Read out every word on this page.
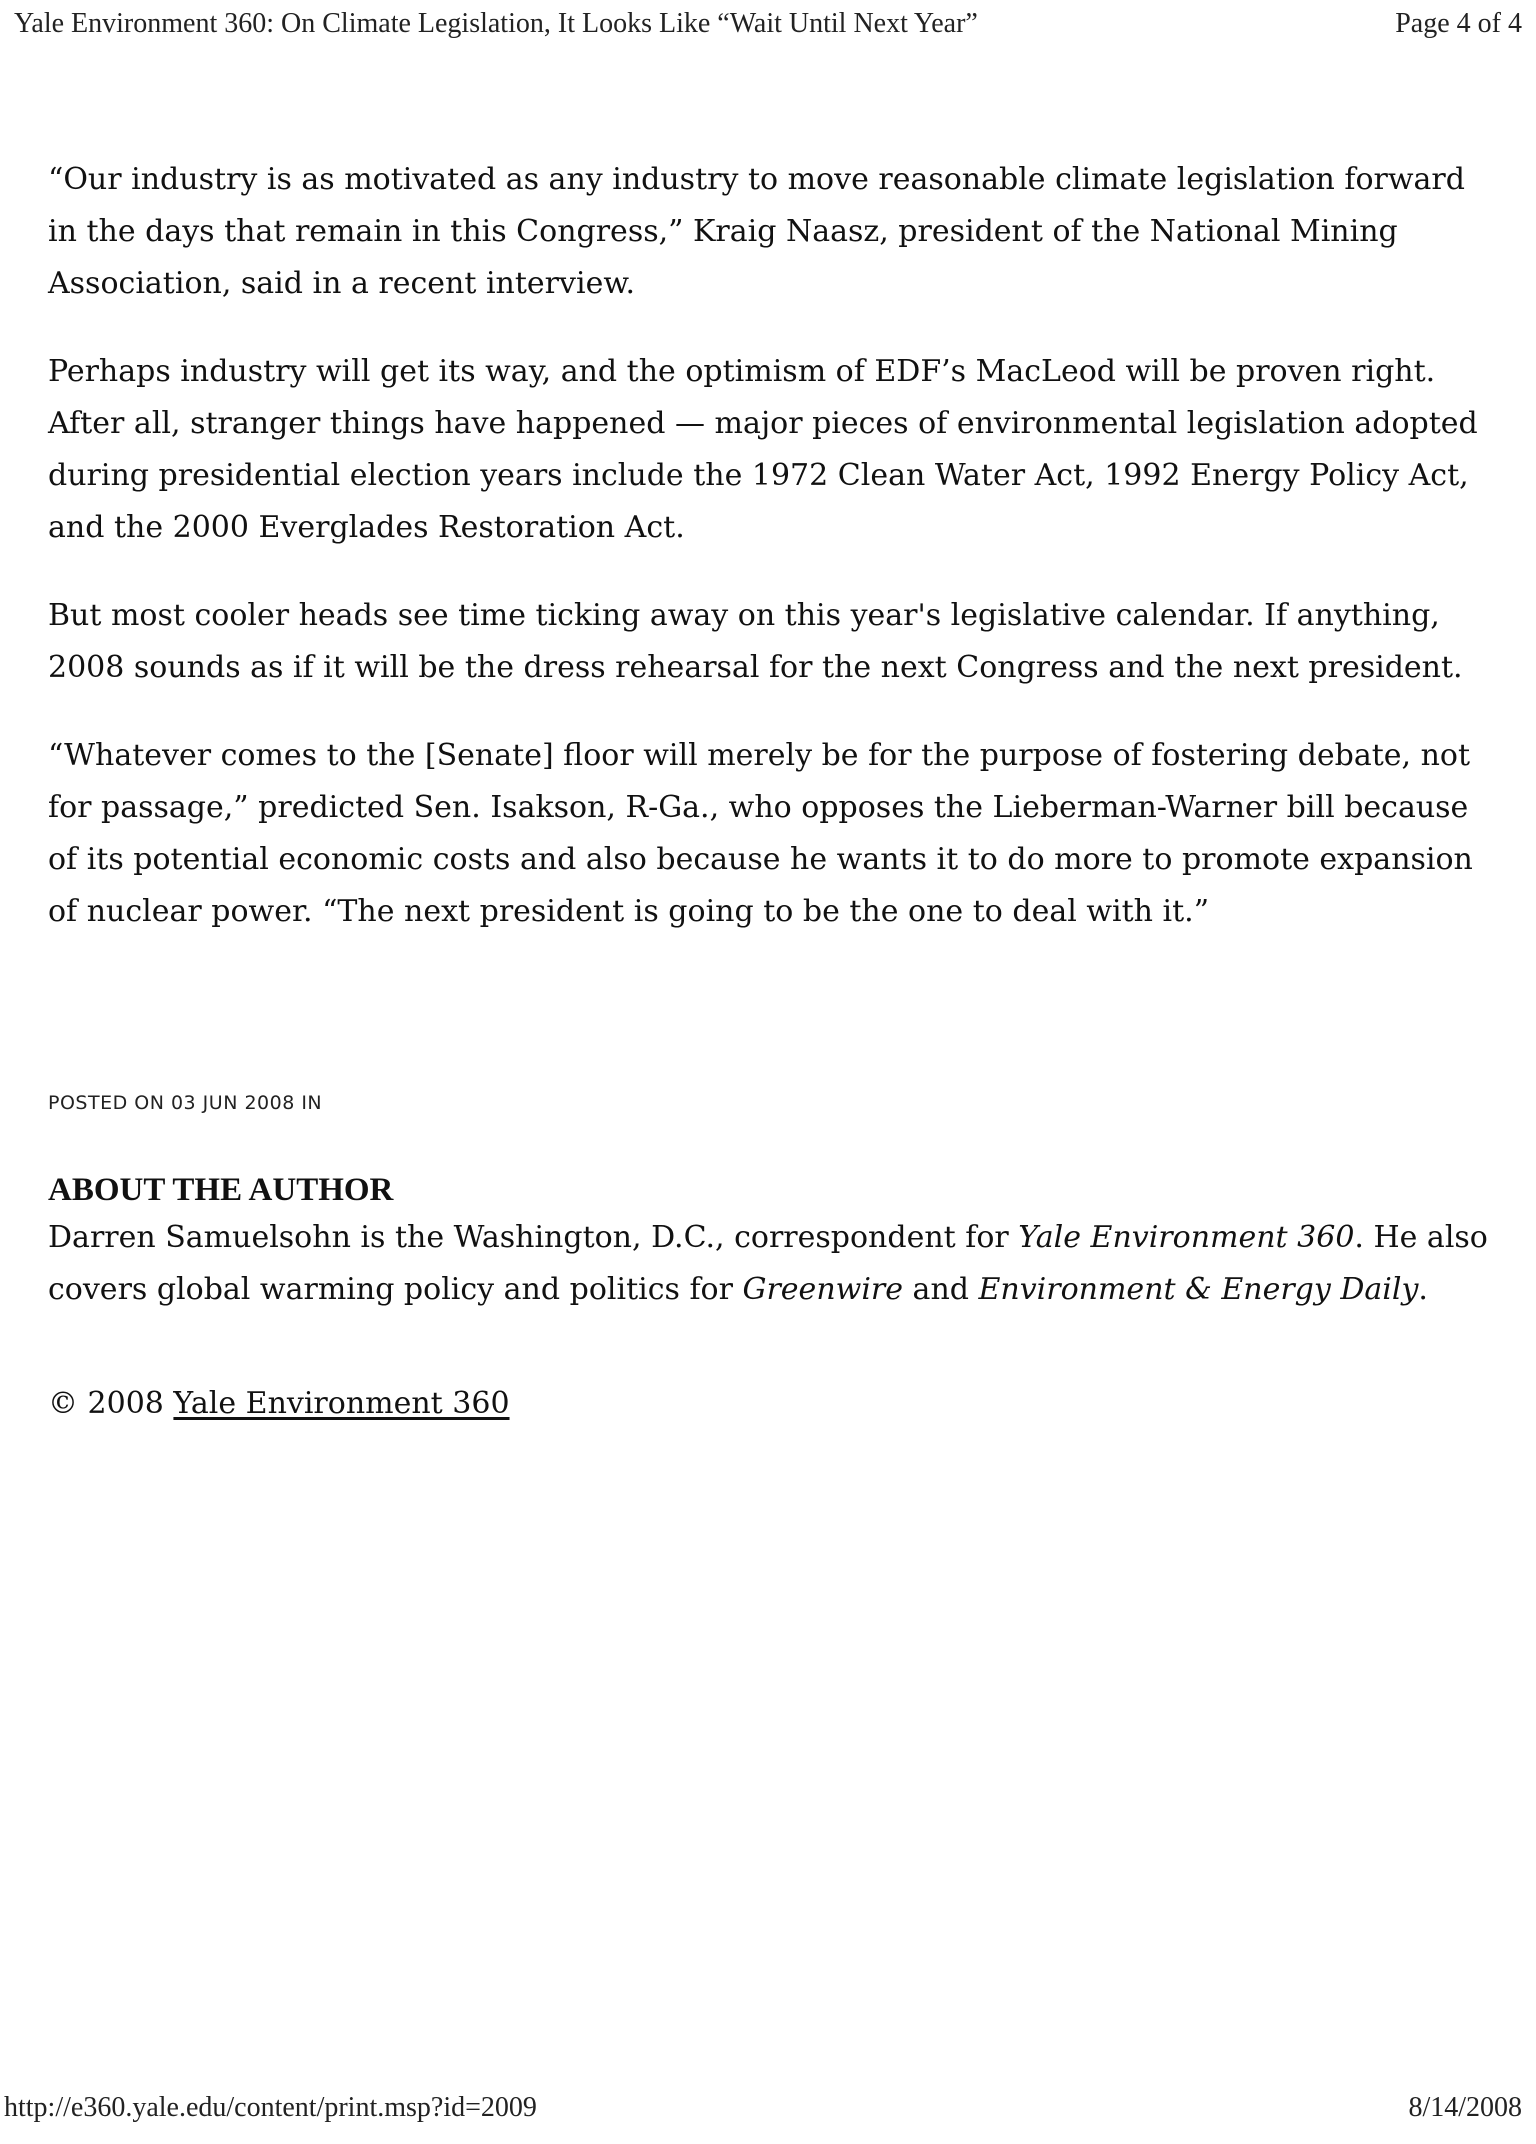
Yale Environment 360: On Climate Legislation, It Looks Like “Wait Until Next Year”	Page 4 of 4

“Our industry is as motivated as any industry to move reasonable climate legislation forward in the days that remain in this Congress,” Kraig Naasz, president of the National Mining Association, said in a recent interview.

Perhaps industry will get its way, and the optimism of EDF’s MacLeod will be proven right. After all, stranger things have happened — major pieces of environmental legislation adopted during presidential election years include the 1972 Clean Water Act, 1992 Energy Policy Act, and the 2000 Everglades Restoration Act.

But most cooler heads see time ticking away on this year's legislative calendar. If anything, 2008 sounds as if it will be the dress rehearsal for the next Congress and the next president.

“Whatever comes to the [Senate] floor will merely be for the purpose of fostering debate, not for passage,” predicted Sen. Isakson, R-Ga., who opposes the Lieberman-Warner bill because of its potential economic costs and also because he wants it to do more to promote expansion of nuclear power. “The next president is going to be the one to deal with it.”

POSTED ON 03 JUN 2008 IN

ABOUT THE AUTHOR

Darren Samuelsohn is the Washington, D.C., correspondent for Yale Environment 360. He also covers global warming policy and politics for Greenwire and Environment & Energy Daily.

© 2008 Yale Environment 360
http://e360.yale.edu/content/print.msp?id=2009	8/14/2008
